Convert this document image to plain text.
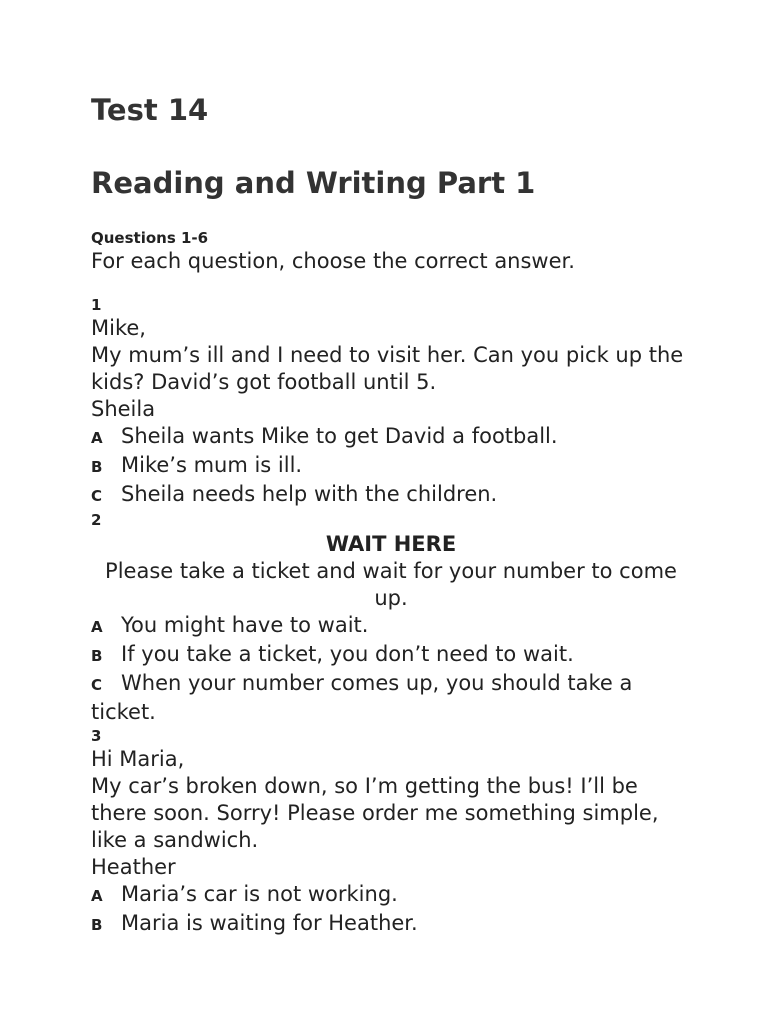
Test 14
Reading and Writing Part 1
Questions 1-6
For each question, choose the correct answer.
1
Mike,
My mum’s ill and I need to visit her. Can you pick up the kids? David’s got football until 5.
Sheila
A Sheila wants Mike to get David a football.
B Mike’s mum is ill.
C Sheila needs help with the children.
2
WAIT HERE
Please take a ticket and wait for your number to come up.
A You might have to wait.
B If you take a ticket, you don’t need to wait.
C When your number comes up, you should take a ticket.
3
Hi Maria,
My car’s broken down, so I’m getting the bus! I’ll be there soon. Sorry! Please order me something simple, like a sandwich.
Heather
A Maria’s car is not working.
B Maria is waiting for Heather.
